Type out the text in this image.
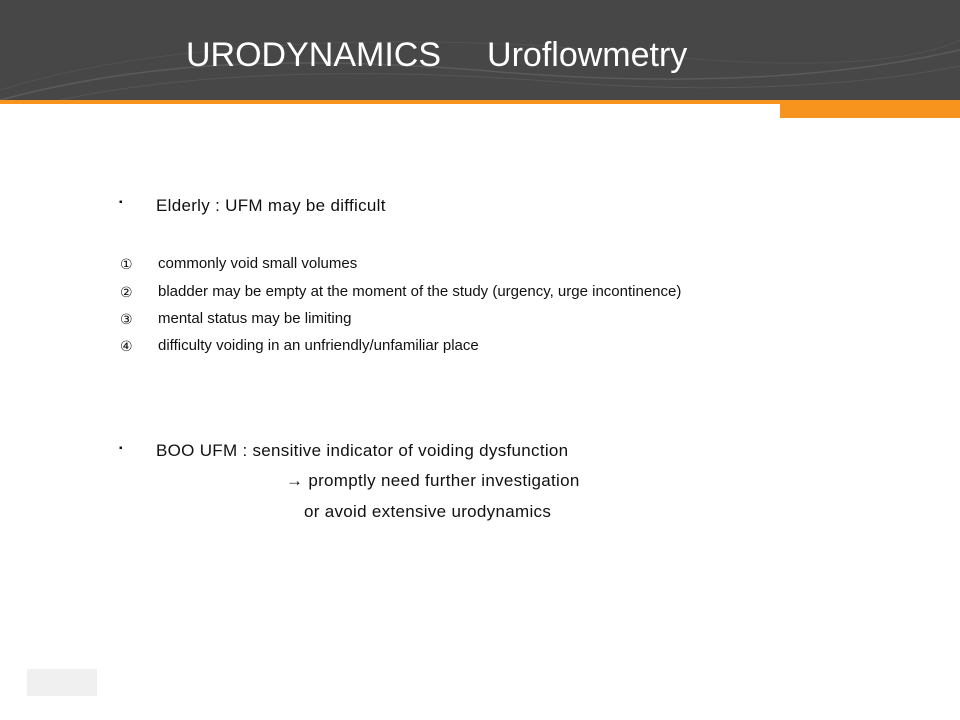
URODYNAMICS Uroflowmetry
▪ Elderly : UFM may be difficult
① commonly void small volumes
② bladder may be empty at the moment of the study (urgency, urge incontinence)
③ mental status may be limiting
④ difficulty voiding in an unfriendly/unfamiliar place
▪ BOO UFM : sensitive indicator of voiding dysfunction
→ promptly need further investigation
or avoid extensive urodynamics
